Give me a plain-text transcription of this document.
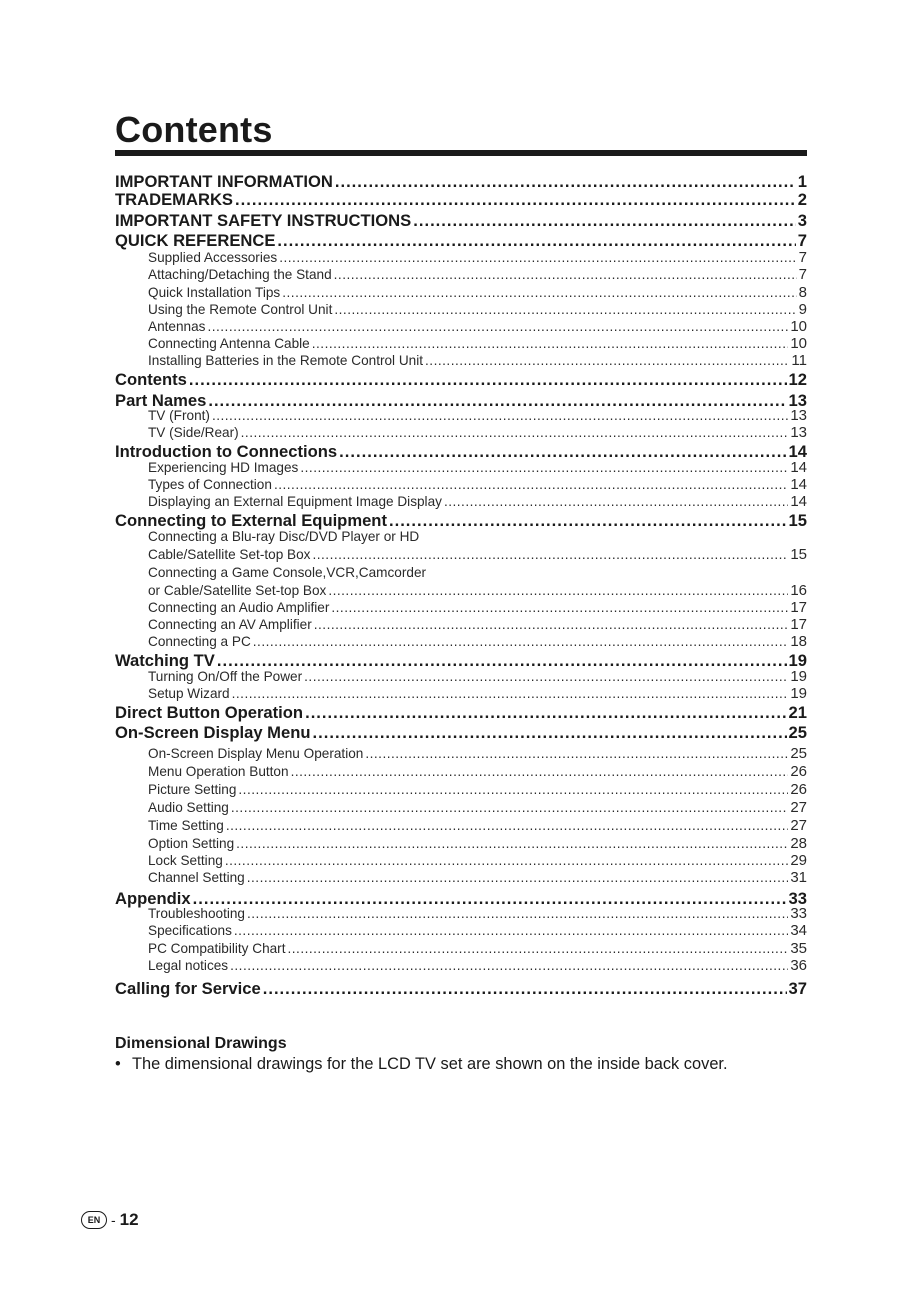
Contents
IMPORTANT INFORMATION .....	1
TRADEMARKS .....	2
IMPORTANT SAFETY INSTRUCTIONS .....	3
QUICK REFERENCE .....	7
Supplied Accessories .....	7
Attaching/Detaching the Stand .....	7
Quick Installation Tips .....	8
Using the Remote Control Unit .....	9
Antennas .....	10
Connecting Antenna Cable .....	10
Installing Batteries in the Remote Control Unit .....	11
Contents .....	12
Part Names .....	13
TV (Front) .....	13
TV (Side/Rear) .....	13
Introduction to Connections .....	14
Experiencing HD Images .....	14
Types of Connection .....	14
Displaying an External Equipment Image Display .....	14
Connecting to External Equipment .....	15
Connecting a Blu-ray Disc/DVD Player or HD
Cable/Satellite Set-top Box .....	15
Connecting a Game Console,VCR,Camcorder
or Cable/Satellite Set-top Box .....	16
Connecting an Audio Amplifier .....	17
Connecting an AV Amplifier .....	17
Connecting a PC .....	18
Watching TV .....	19
Turning On/Off the Power .....	19
Setup Wizard .....	19
Direct Button Operation .....	21
On-Screen Display Menu .....	25
On-Screen Display Menu Operation .....	25
Menu Operation Button .....	26
Picture Setting .....	26
Audio Setting .....	27
Time Setting .....	27
Option Setting .....	28
Lock Setting .....	29
Channel Setting .....	31
Appendix .....	33
Troubleshooting .....	33
Specifications .....	34
PC Compatibility Chart .....	35
Legal notices .....	36
Calling for Service .....	37
Dimensional Drawings

• The dimensional drawings for the LCD TV set are shown on the inside back cover.

EN - 12
